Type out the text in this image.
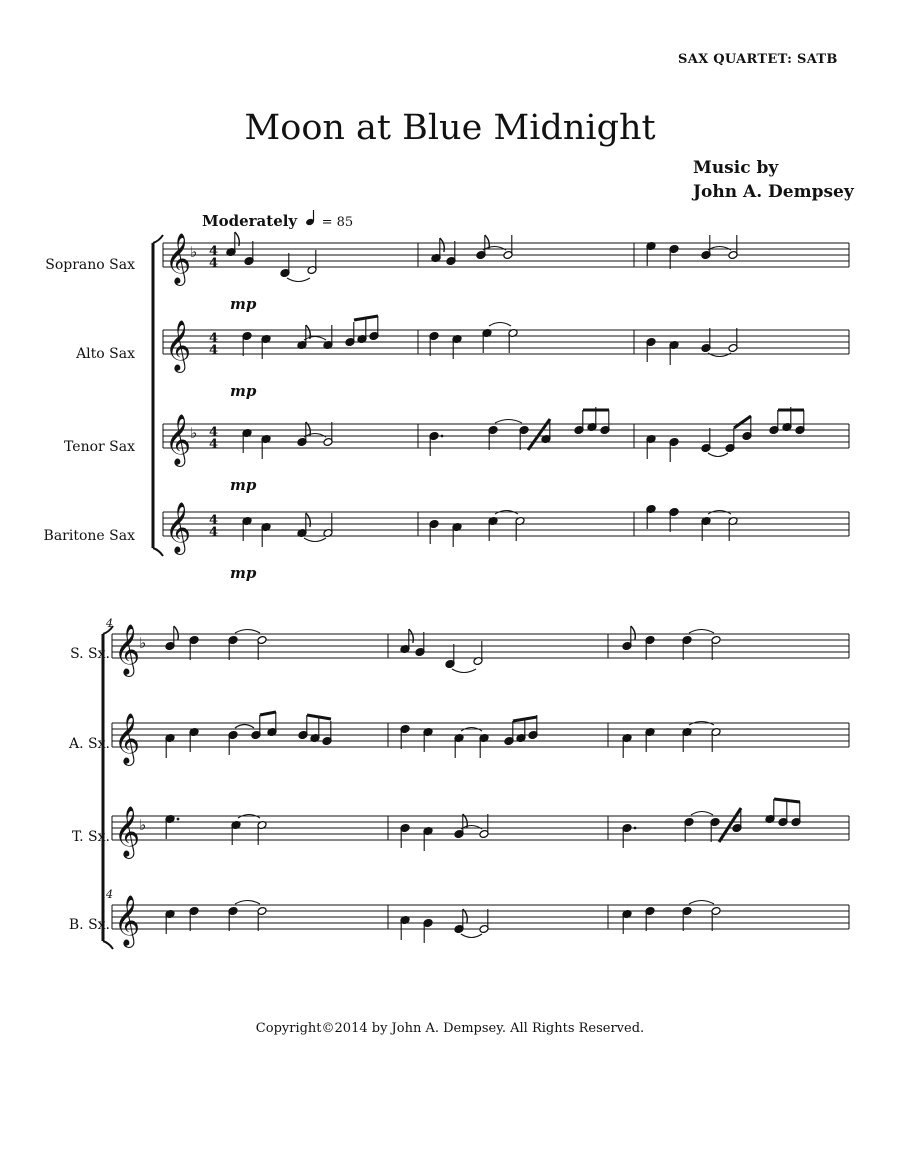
SAX QUARTET: SATB
Moon at Blue Midnight
Music by
John A. Dempsey
Moderately = 85
Soprano Sax
Alto Sax
Tenor Sax
Baritone Sax
S. Sx.
A. Sx.
T. Sx.
B. Sx.
𝄞
♭ 4
4
mp
𝄞 4
4
mp
𝄞
♭ 4
4
mp
𝄞 4
4
mp
𝄞
♭
𝄞
𝄞
♭
𝄞
4
4
Copyright©2014 by John A. Dempsey. All Rights Reserved.
